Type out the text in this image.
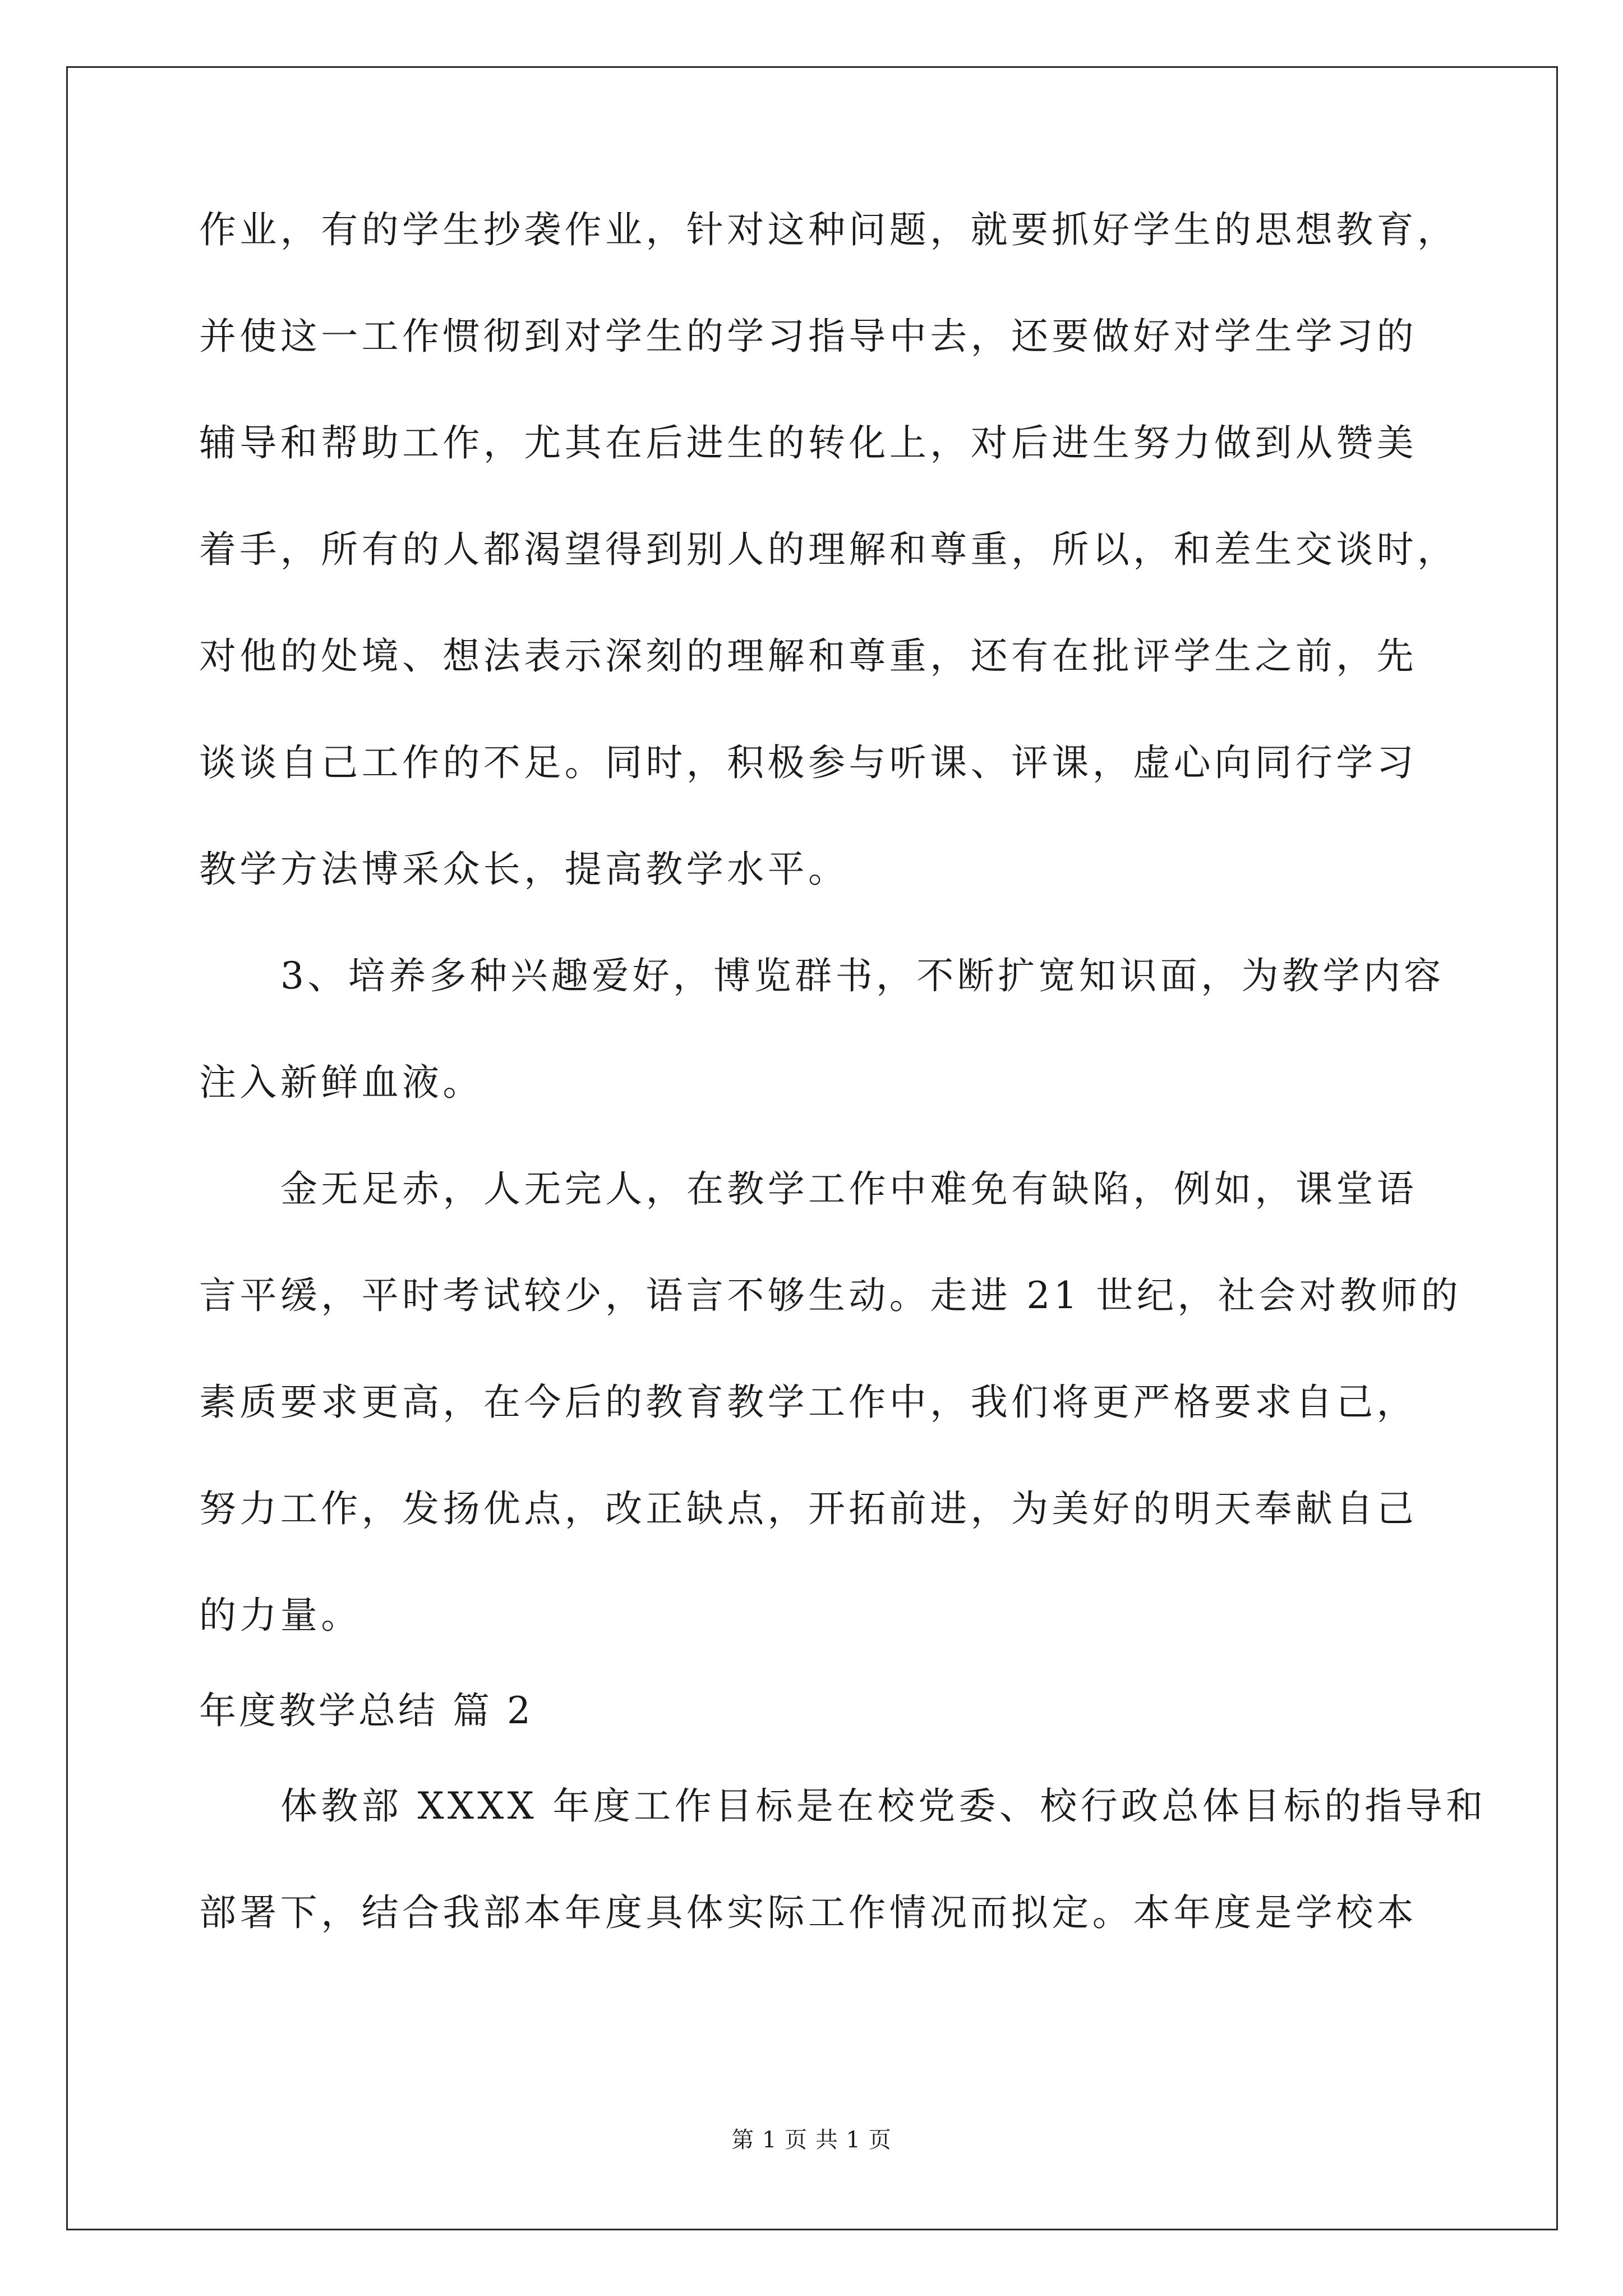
作业，有的学生抄袭作业，针对这种问题，就要抓好学生的思想教育，
并使这一工作惯彻到对学生的学习指导中去，还要做好对学生学习的
辅导和帮助工作，尤其在后进生的转化上，对后进生努力做到从赞美
着手，所有的人都渴望得到别人的理解和尊重，所以，和差生交谈时，
对他的处境、想法表示深刻的理解和尊重，还有在批评学生之前，先
谈谈自己工作的不足。同时，积极参与听课、评课，虚心向同行学习
教学方法博采众长，提高教学水平。
3、培养多种兴趣爱好，博览群书，不断扩宽知识面，为教学内容
注入新鲜血液。
金无足赤，人无完人，在教学工作中难免有缺陷，例如，课堂语
言平缓，平时考试较少，语言不够生动。走进 21 世纪，社会对教师的
素质要求更高，在今后的教育教学工作中，我们将更严格要求自己，
努力工作，发扬优点，改正缺点，开拓前进，为美好的明天奉献自己
的力量。
年度教学总结 篇 2
体教部 XXXX 年度工作目标是在校党委、校行政总体目标的指导和
部署下，结合我部本年度具体实际工作情况而拟定。本年度是学校本
第 1 页 共 1 页
